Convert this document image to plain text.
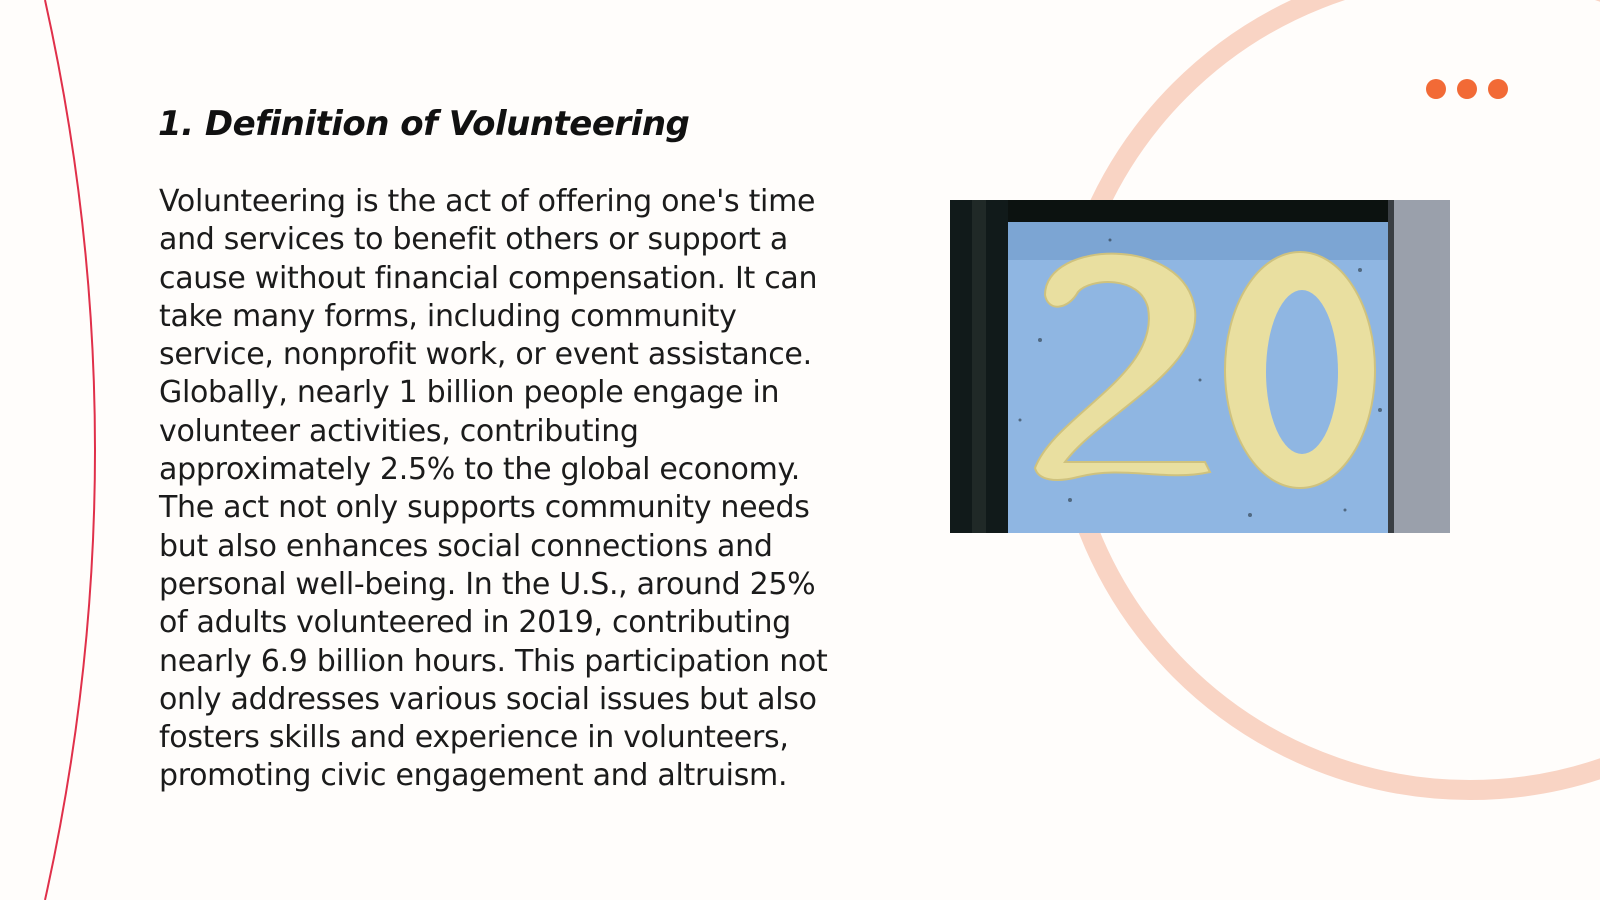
1. Definition of Volunteering

Volunteering is the act of offering one's time and services to benefit others or support a cause without financial compensation. It can take many forms, including community service, nonprofit work, or event assistance. Globally, nearly 1 billion people engage in volunteer activities, contributing approximately 2.5% to the global economy. The act not only supports community needs but also enhances social connections and personal well-being. In the U.S., around 25% of adults volunteered in 2019, contributing nearly 6.9 billion hours. This participation not only addresses various social issues but also fosters skills and experience in volunteers, promoting civic engagement and altruism.
